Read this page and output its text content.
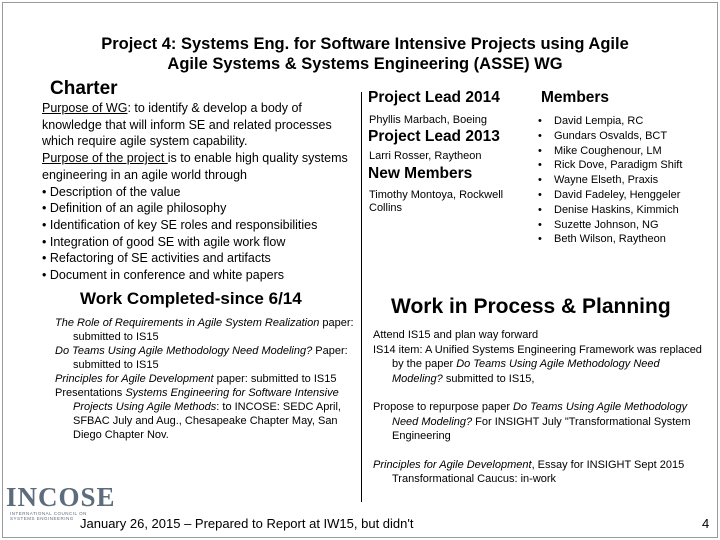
Project 4: Systems Eng. for Software Intensive Projects using Agile
Agile Systems & Systems Engineering (ASSE) WG
Charter
Purpose of WG: to identify & develop a body of knowledge that will inform SE and related processes which require agile system capability.
Purpose of the project is to enable high quality systems engineering in an agile world through
• Description of the value
• Definition of an agile philosophy
• Identification of key SE roles and responsibilities
• Integration of good SE with agile work flow
• Refactoring of SE activities and artifacts
• Document in conference and white papers
Project Lead 2014
Phyllis Marbach, Boeing
Project Lead 2013
Larri Rosser, Raytheon
New Members
Timothy Montoya, Rockwell Collins
Members
• David Lempia, RC
• Gundars Osvalds, BCT
• Mike Coughenour, LM
• Rick Dove, Paradigm Shift
• Wayne Elseth, Praxis
• David Fadeley, Henggeler
• Denise Haskins, Kimmich
• Suzette Johnson, NG
• Beth Wilson, Raytheon
Work Completed-since 6/14

The Role of Requirements in Agile System Realization paper: submitted to IS15

Do Teams Using Agile Methodology Need Modeling? Paper: submitted to IS15

Principles for Agile Development paper: submitted to IS15

Presentations Systems Engineering for Software Intensive Projects Using Agile Methods: to INCOSE: SEDC April, SFBAC July and Aug., Chesapeake Chapter May, San Diego Chapter Nov.

Work in Process & Planning

Attend IS15 and plan way forward

IS14 item: A Unified Systems Engineering Framework was replaced by the paper Do Teams Using Agile Methodology Need Modeling? submitted to IS15,

Propose to repurpose paper Do Teams Using Agile Methodology Need Modeling? For INSIGHT July "Transformational System Engineering

Principles for Agile Development, Essay for INSIGHT Sept 2015 Transformational Caucus: in-work

INCOSE
INTERNATIONAL COUNCIL ON SYSTEMS ENGINEERING January 26, 2015 – Prepared to Report at IW15, but didn't	4
